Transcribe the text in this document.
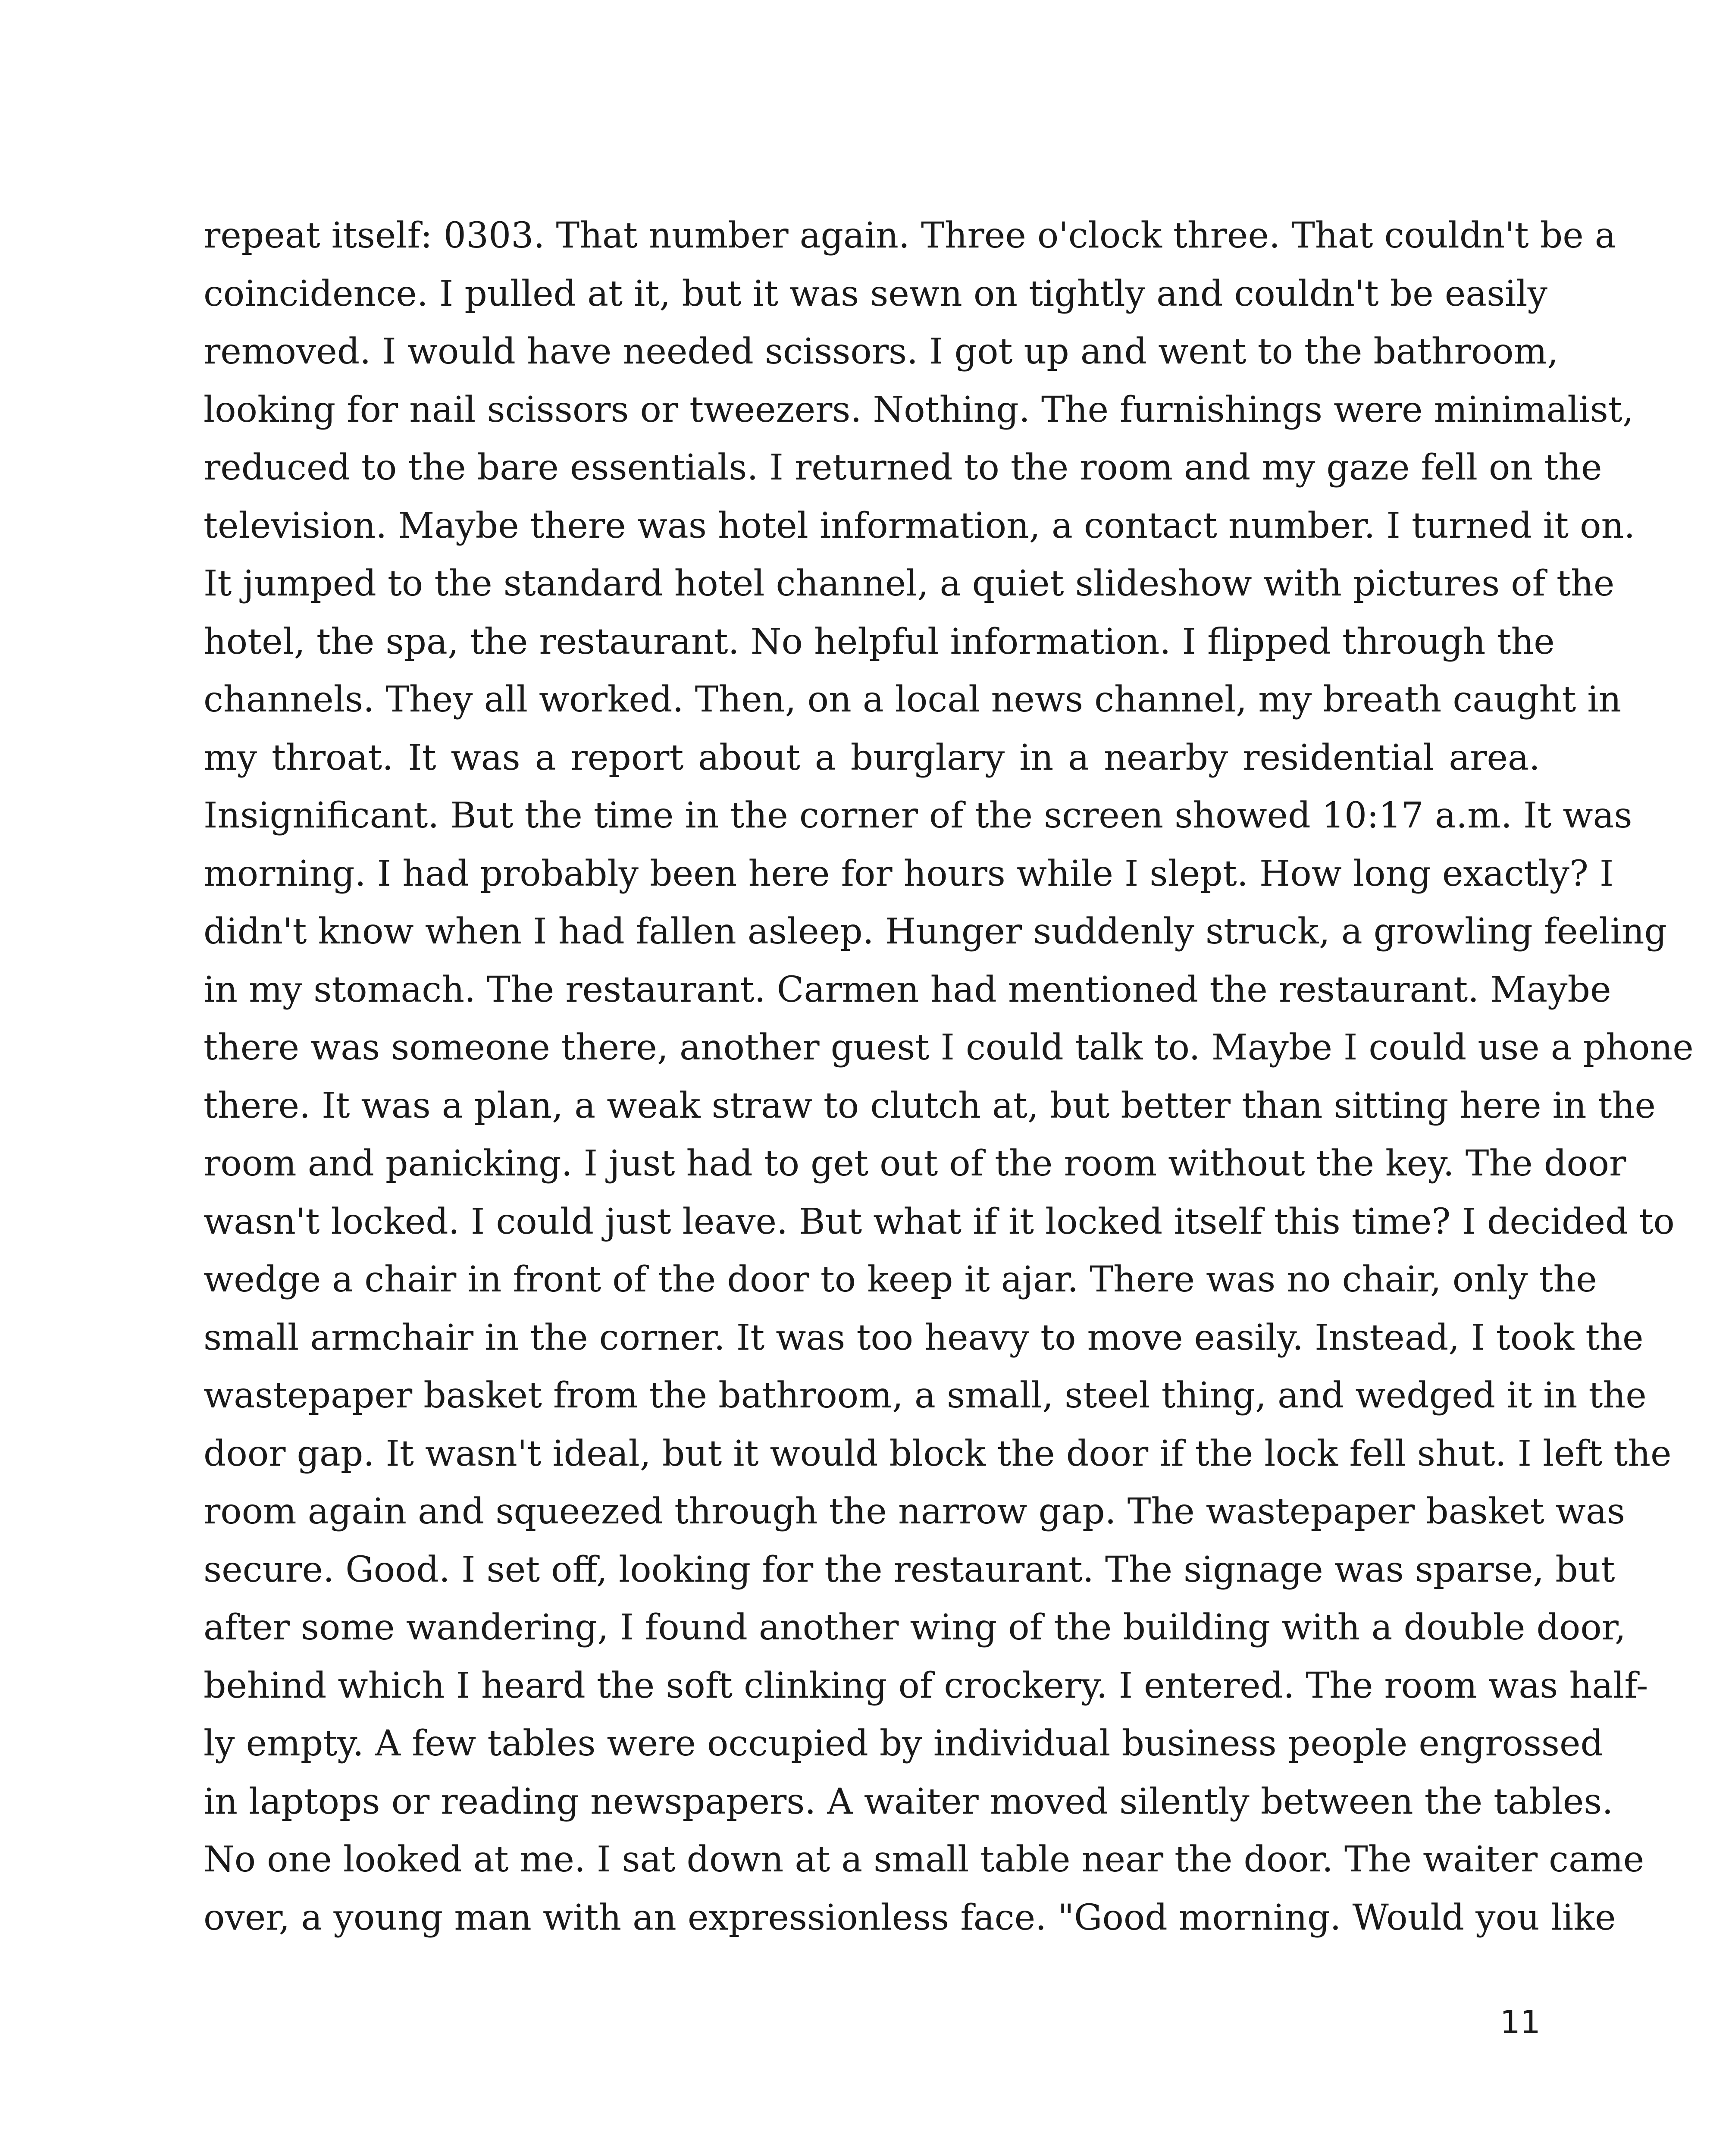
repeat itself: 0303. That number again. Three o'clock three. That couldn't be a
coincidence. I pulled at it, but it was sewn on tightly and couldn't be easily
removed. I would have needed scissors. I got up and went to the bathroom,
looking for nail scissors or tweezers. Nothing. The furnishings were minimalist,
reduced to the bare essentials. I returned to the room and my gaze fell on the
television. Maybe there was hotel information, a contact number. I turned it on.
It jumped to the standard hotel channel, a quiet slideshow with pictures of the
hotel, the spa, the restaurant. No helpful information. I flipped through the
channels. They all worked. Then, on a local news channel, my breath caught in
my throat. It was a report about a burglary in a nearby residential area.
Insignificant. But the time in the corner of the screen showed 10:17 a.m. It was
morning. I had probably been here for hours while I slept. How long exactly? I
didn't know when I had fallen asleep. Hunger suddenly struck, a growling feeling
in my stomach. The restaurant. Carmen had mentioned the restaurant. Maybe
there was someone there, another guest I could talk to. Maybe I could use a phone
there. It was a plan, a weak straw to clutch at, but better than sitting here in the
room and panicking. I just had to get out of the room without the key. The door
wasn't locked. I could just leave. But what if it locked itself this time? I decided to
wedge a chair in front of the door to keep it ajar. There was no chair, only the
small armchair in the corner. It was too heavy to move easily. Instead, I took the
wastepaper basket from the bathroom, a small, steel thing, and wedged it in the
door gap. It wasn't ideal, but it would block the door if the lock fell shut. I left the
room again and squeezed through the narrow gap. The wastepaper basket was
secure. Good. I set off, looking for the restaurant. The signage was sparse, but
after some wandering, I found another wing of the building with a double door,
behind which I heard the soft clinking of crockery. I entered. The room was half-
ly empty. A few tables were occupied by individual business people engrossed
in laptops or reading newspapers. A waiter moved silently between the tables.
No one looked at me. I sat down at a small table near the door. The waiter came
over, a young man with an expressionless face. "Good morning. Would you like
11
